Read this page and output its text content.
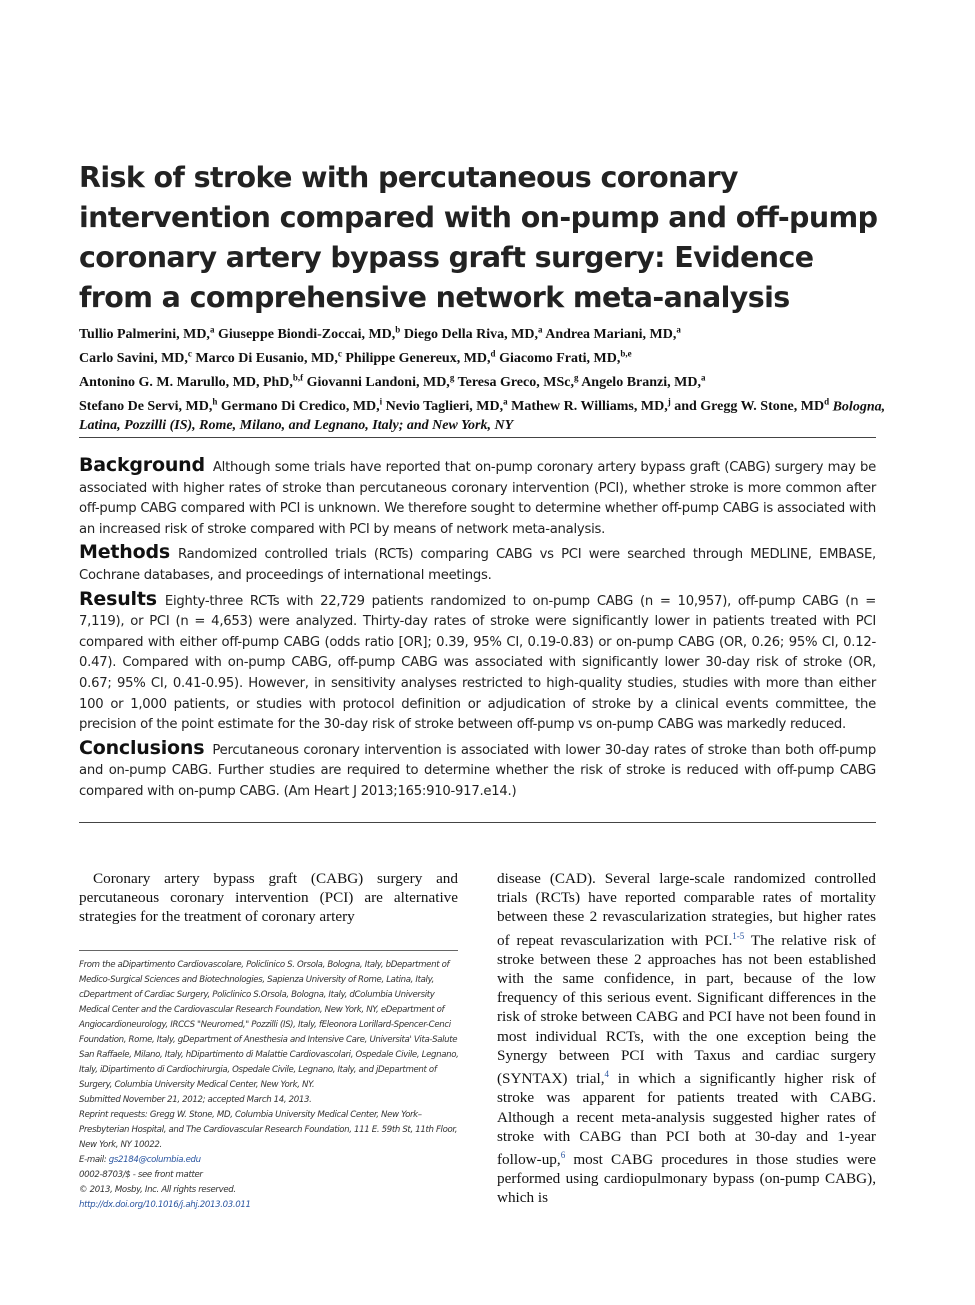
Risk of stroke with percutaneous coronary intervention compared with on-pump and off-pump coronary artery bypass graft surgery: Evidence from a comprehensive network meta-analysis
Tullio Palmerini, MD,$^a$ Giuseppe Biondi-Zoccai, MD,$^b$ Diego Della Riva, MD,$^a$ Andrea Mariani, MD,$^a$
Carlo Savini, MD,$^c$ Marco Di Eusanio, MD,$^c$ Philippe Genereux, MD,$^d$ Giacomo Frati, MD,$^{b,e}$
Antonino G. M. Marullo, MD, PhD,$^{b,f}$ Giovanni Landoni, MD,$^g$ Teresa Greco, MSc,$^g$ Angelo Branzi, MD,$^a$
Stefano De Servi, MD,$^h$ Germano Di Credico, MD,$^i$ Nevio Taglieri, MD,$^a$ Mathew R. Williams, MD,$^j$ and Gregg W. Stone, $MD^d$ Bologna, Latina, Pozzilli (IS), Rome, Milano, and Legnano, Italy; and New York, NY

Background Although some trials have reported that on-pump coronary artery bypass graft (CABG) surgery may be associated with higher rates of stroke than percutaneous coronary intervention (PCI), whether stroke is more common after off-pump CABG compared with PCI is unknown. We therefore sought to determine whether off-pump CABG is associated with an increased risk of stroke compared with PCI by means of network meta-analysis.

Methods Randomized controlled trials (RCTs) comparing CABG vs PCI were searched through MEDLINE, EMBASE, Cochrane databases, and proceedings of international meetings.

Results Eighty-three RCTs with 22,729 patients randomized to on-pump CABG (n = 10,957), off-pump CABG (n = 7,119), or PCI (n = 4,653) were analyzed. Thirty-day rates of stroke were significantly lower in patients treated with PCI compared with either off-pump CABG (odds ratio [OR]; 0.39, 95% CI, 0.19-0.83) or on-pump CABG (OR, 0.26; 95% CI, 0.12-0.47). Compared with on-pump CABG, off-pump CABG was associated with significantly lower 30-day risk of stroke (OR, 0.67; 95% CI, 0.41-0.95). However, in sensitivity analyses restricted to high-quality studies, studies with more than either 100 or 1,000 patients, or studies with protocol definition or adjudication of stroke by a clinical events committee, the precision of the point estimate for the 30-day risk of stroke between off-pump vs on-pump CABG was markedly reduced.

Conclusions Percutaneous coronary intervention is associated with lower 30-day rates of stroke than both off-pump and on-pump CABG. Further studies are required to determine whether the risk of stroke is reduced with off-pump CABG compared with on-pump CABG. (Am Heart J 2013;165:910-917.e14.)

Coronary artery bypass graft (CABG) surgery and percutaneous coronary intervention (PCI) are alternative strategies for the treatment of coronary artery

From the aDipartimento Cardiovascolare, Policlinico S. Orsola, Bologna, Italy, bDepartment of Medico-Surgical Sciences and Biotechnologies, Sapienza University of Rome, Latina, Italy, cDepartment of Cardiac Surgery, Policlinico S.Orsola, Bologna, Italy, dColumbia University Medical Center and the Cardiovascular Research Foundation, New York, NY, eDepartment of Angiocardioneurology, IRCCS "Neuromed," Pozzilli (IS), Italy, fEleonora Lorillard-Spencer-Cenci Foundation, Rome, Italy, gDepartment of Anesthesia and Intensive Care, Universita' Vita-Salute San Raffaele, Milano, Italy, hDipartimento di Malattie Cardiovascolari, Ospedale Civile, Legnano, Italy, iDipartimento di Cardiochirurgia, Ospedale Civile, Legnano, Italy, and jDepartment of Surgery, Columbia University Medical Center, New York, NY.
Submitted November 21, 2012; accepted March 14, 2013.
Reprint requests: Gregg W. Stone, MD, Columbia University Medical Center, New York–Presbyterian Hospital, and The Cardiovascular Research Foundation, 111 E. 59th St, 11th Floor, New York, NY 10022.
E-mail: gs2184@columbia.edu
0002-8703/$ - see front matter
© 2013, Mosby, Inc. All rights reserved.
http://dx.doi.org/10.1016/j.ahj.2013.03.011

disease (CAD). Several large-scale randomized controlled trials (RCTs) have reported comparable rates of mortality between these 2 revascularization strategies, but higher rates of repeat revascularization with PCI.$^{1-5}$ The relative risk of stroke between these 2 approaches has not been established with the same confidence, in part, because of the low frequency of this serious event. Significant differences in the risk of stroke between CABG and PCI have not been found in most individual RCTs, with the one exception being the Synergy between PCI with Taxus and cardiac surgery (SYNTAX) trial,$^4$ in which a significantly higher risk of stroke was apparent for patients treated with CABG. Although a recent meta-analysis suggested higher rates of stroke with CABG than PCI both at 30-day and 1-year follow-up,$^6$ most CABG procedures in those studies were performed using cardiopulmonary bypass (on-pump CABG), which is
